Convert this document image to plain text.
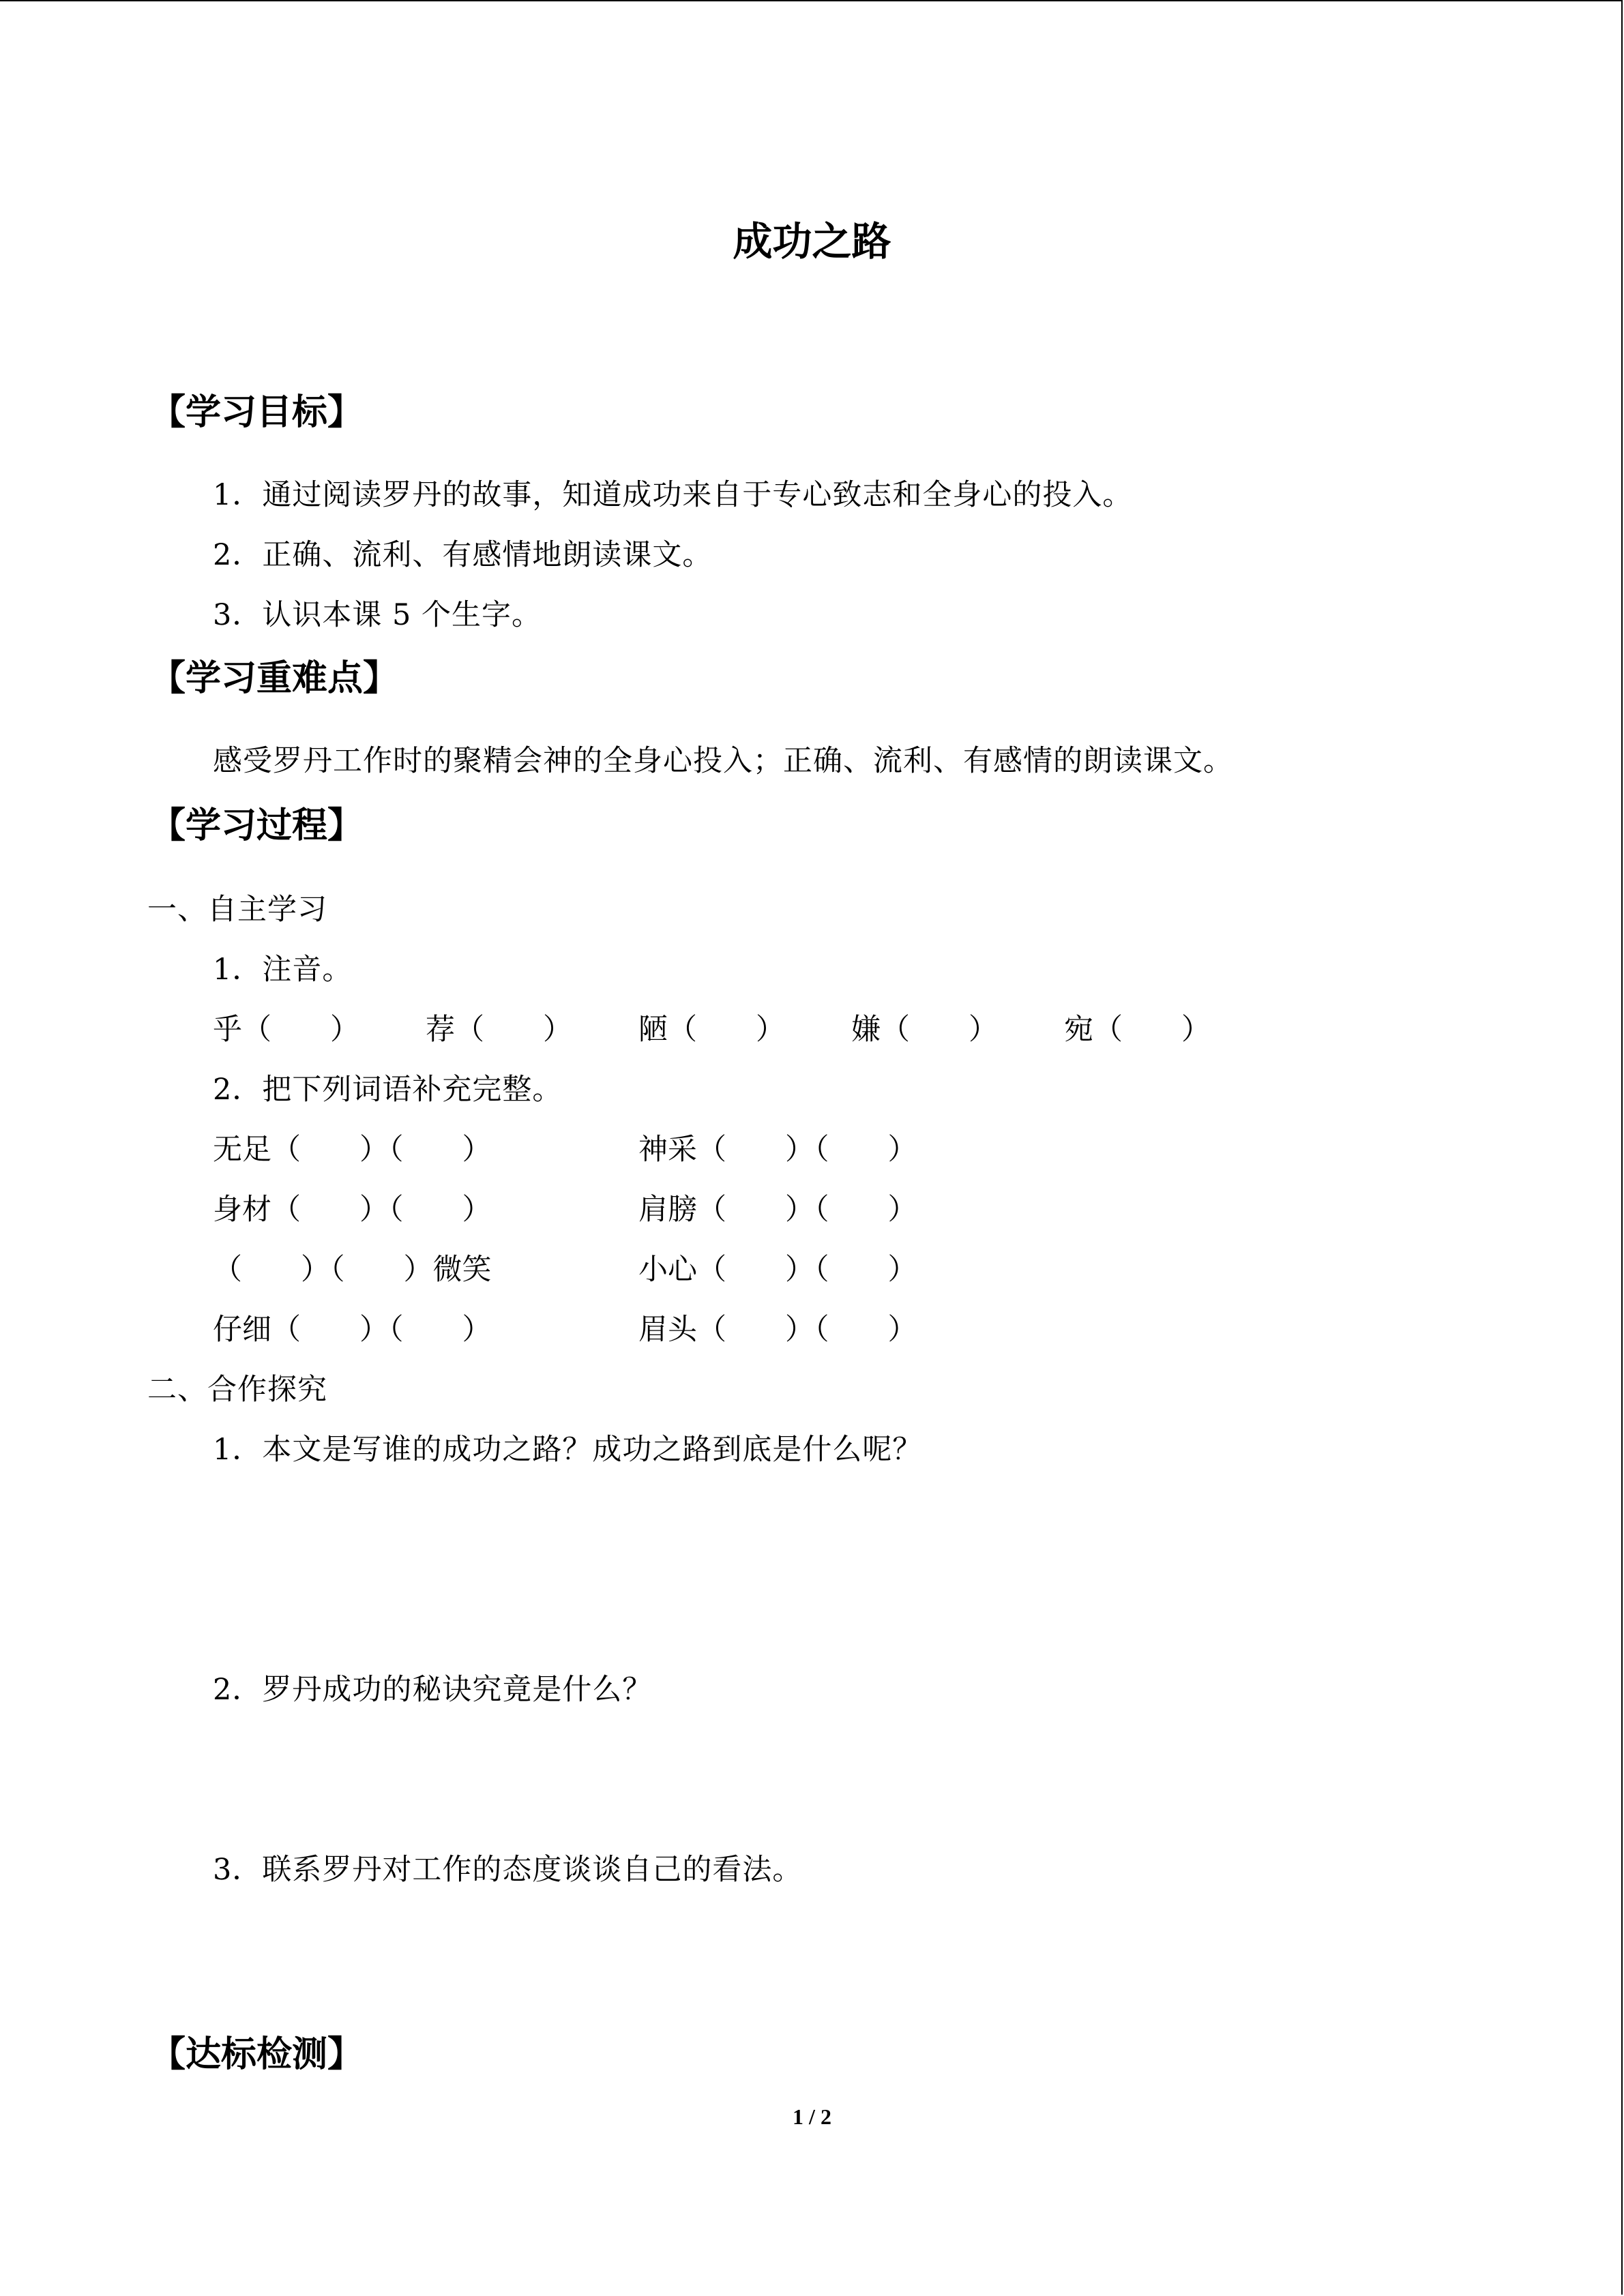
成功之路
【学习目标】
1．通过阅读罗丹的故事，知道成功来自于专心致志和全身心的投入。
2．正确、流利、有感情地朗读课文。
3．认识本课 5 个生字。
【学习重难点】
感受罗丹工作时的聚精会神的全身心投入；正确、流利、有感情的朗读课文。
【学习过程】
一、自主学习
1．注音。
乎（　　） 荐（　　） 陋（　　） 嫌（　　） 宛（　　）
2．把下列词语补充完整。
无足（　　）（　　）	神采（　　）（　　）
身材（　　）（　　）	肩膀（　　）（　　）
（　　）（　　）微笑	小心（　　）（　　）
仔细（　　）（　　）	眉头（　　）（　　）
二、合作探究
1．本文是写谁的成功之路？成功之路到底是什么呢？
2．罗丹成功的秘诀究竟是什么？
3．联系罗丹对工作的态度谈谈自己的看法。
【达标检测】
1 / 2
